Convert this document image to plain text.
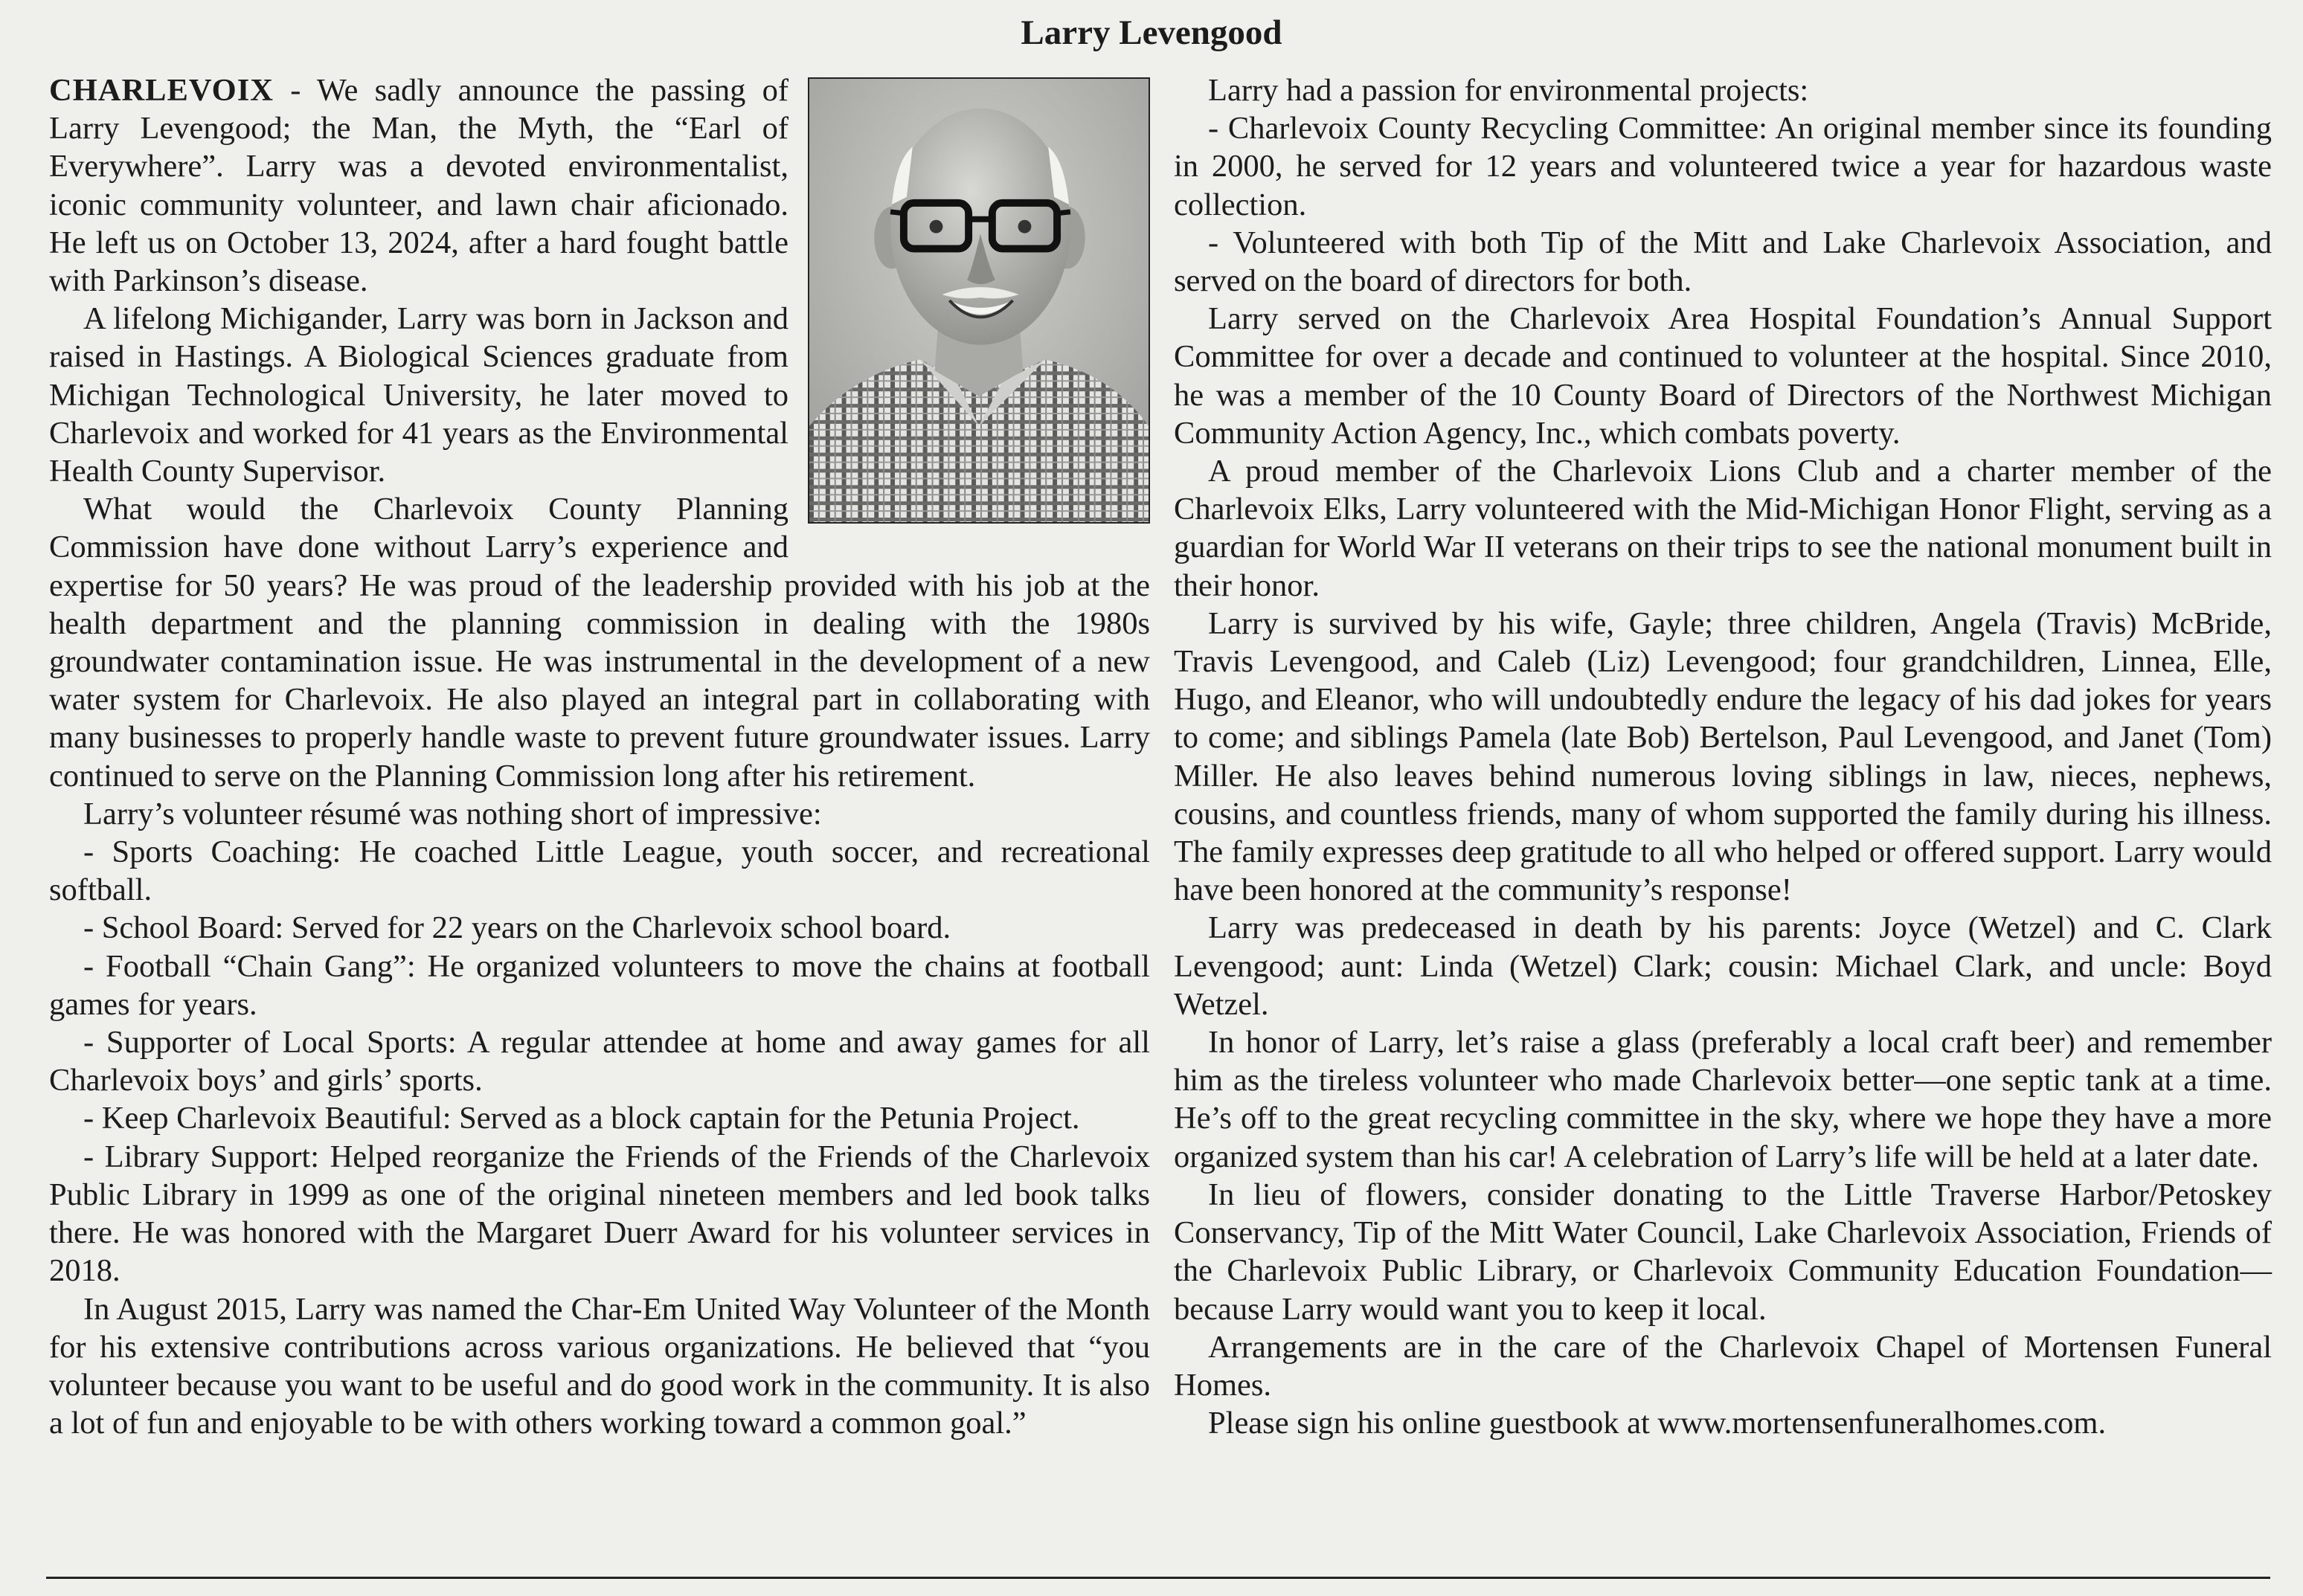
Larry Levengood

CHARLEVOIX - We sadly announce the passing of Larry Levengood; the Man, the Myth, the “Earl of Everywhere”. Larry was a devoted environmentalist, iconic community volunteer, and lawn chair aficionado. He left us on October 13, 2024, after a hard fought battle with Parkinson’s disease.

A lifelong Michigander, Larry was born in Jackson and raised in Hastings. A Biological Sciences graduate from Michigan Technological University, he later moved to Charlevoix and worked for 41 years as the Environmental Health County Supervisor.

What would the Charlevoix County Planning Commission have done without Larry’s experience and expertise for 50 years? He was proud of the leadership provided with his job at the health department and the planning commission in dealing with the 1980s groundwater contamination issue. He was instrumental in the development of a new water system for Charlevoix. He also played an integral part in collaborating with many businesses to properly handle waste to prevent future groundwater issues. Larry continued to serve on the Planning Commission long after his retirement.

Larry’s volunteer résumé was nothing short of impressive:

- Sports Coaching: He coached Little League, youth soccer, and recreational softball.

- School Board: Served for 22 years on the Charlevoix school board.

- Football “Chain Gang”: He organized volunteers to move the chains at football games for years.

- Supporter of Local Sports: A regular attendee at home and away games for all Charlevoix boys’ and girls’ sports.

- Keep Charlevoix Beautiful: Served as a block captain for the Petunia Project.

- Library Support: Helped reorganize the Friends of the Friends of the Charlevoix Public Library in 1999 as one of the original nineteen members and led book talks there. He was honored with the Margaret Duerr Award for his volunteer services in 2018.

In August 2015, Larry was named the Char-Em United Way Volunteer of the Month for his extensive contributions across various organizations. He believed that “you volunteer because you want to be useful and do good work in the community. It is also a lot of fun and enjoyable to be with others working toward a common goal.”

Larry had a passion for environmental projects:

- Charlevoix County Recycling Committee: An original member since its founding in 2000, he served for 12 years and volunteered twice a year for hazardous waste collection.

- Volunteered with both Tip of the Mitt and Lake Charlevoix Association, and served on the board of directors for both.

Larry served on the Charlevoix Area Hospital Foundation’s Annual Support Committee for over a decade and continued to volunteer at the hospital. Since 2010, he was a member of the 10 County Board of Directors of the Northwest Michigan Community Action Agency, Inc., which combats poverty.

A proud member of the Charlevoix Lions Club and a charter member of the Charlevoix Elks, Larry volunteered with the Mid-Michigan Honor Flight, serving as a guardian for World War II veterans on their trips to see the national monument built in their honor.

Larry is survived by his wife, Gayle; three children, Angela (Travis) McBride, Travis Levengood, and Caleb (Liz) Levengood; four grandchildren, Linnea, Elle, Hugo, and Eleanor, who will undoubtedly endure the legacy of his dad jokes for years to come; and siblings Pamela (late Bob) Bertelson, Paul Levengood, and Janet (Tom) Miller. He also leaves behind numerous loving siblings in law, nieces, nephews, cousins, and countless friends, many of whom supported the family during his illness. The family expresses deep gratitude to all who helped or offered support. Larry would have been honored at the community’s response!

Larry was predeceased in death by his parents: Joyce (Wetzel) and C. Clark Levengood; aunt: Linda (Wetzel) Clark; cousin: Michael Clark, and uncle: Boyd Wetzel.

In honor of Larry, let’s raise a glass (preferably a local craft beer) and remember him as the tireless volunteer who made Charlevoix better—one septic tank at a time. He’s off to the great recycling committee in the sky, where we hope they have a more organized system than his car! A celebration of Larry’s life will be held at a later date.

In lieu of flowers, consider donating to the Little Traverse Harbor/Petoskey Conservancy, Tip of the Mitt Water Council, Lake Charlevoix Association, Friends of the Charlevoix Public Library, or Charlevoix Community Education Foundation—because Larry would want you to keep it local.

Arrangements are in the care of the Charlevoix Chapel of Mortensen Funeral Homes.

Please sign his online guestbook at www.mortensenfuneralhomes.com.
